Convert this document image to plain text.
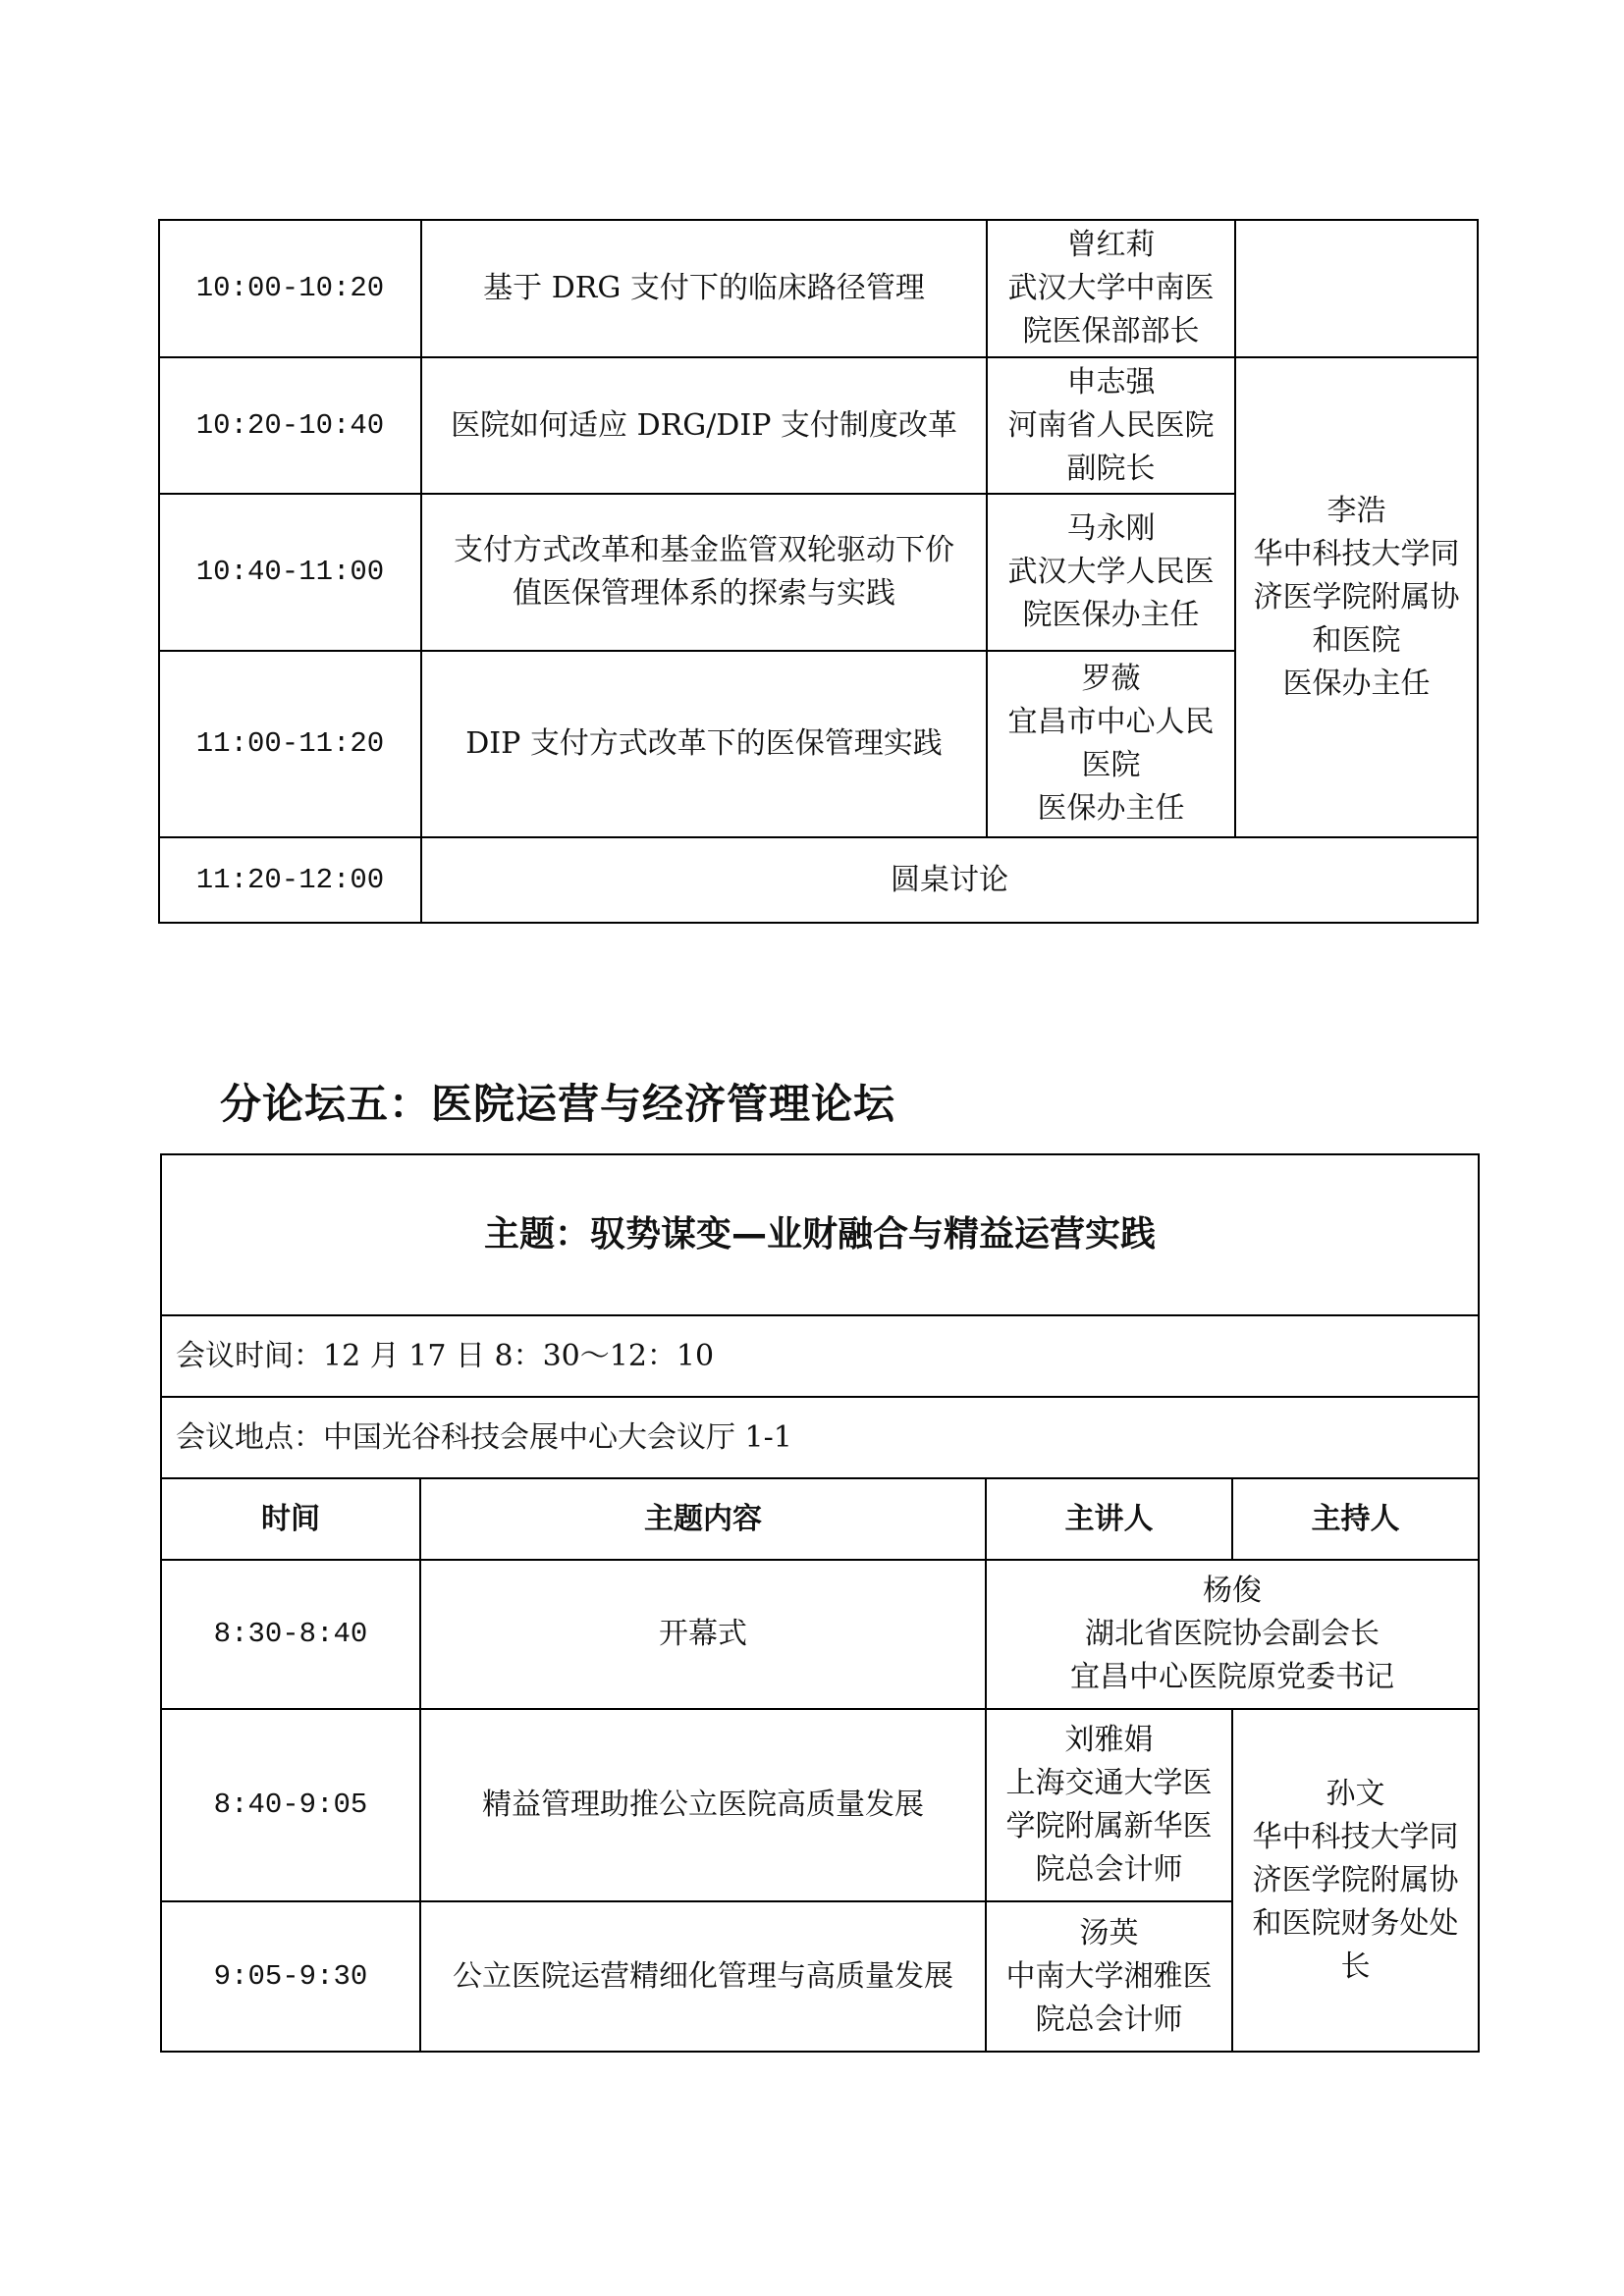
10:00-10:20	基于 DRG 支付下的临床路径管理	曾红莉
武汉大学中南医
院医保部部长	

10:20-10:40	医院如何适应 DRG/DIP 支付制度改革	申志强
河南省人民医院
副院长	李浩
华中科技大学同
济医学院附属协
和医院
医保办主任

10:40-11:00	支付方式改革和基金监管双轮驱动下价
值医保管理体系的探索与实践	马永刚
武汉大学人民医
院医保办主任	

11:00-11:20	DIP 支付方式改革下的医保管理实践	罗薇
宜昌市中心人民
医院
医保办主任	

11:20-12:00	圆桌讨论		
分论坛五：医院运营与经济管理论坛
主题：驭势谋变—业财融合与精益运营实践			
会议时间：12 月 17 日 8：30～12：10			
会议地点：中国光谷科技会展中心大会议厅 1-1			
时间	主题内容	主讲人	主持人
8:30-8:40	开幕式	杨俊
湖北省医院协会副会长
宜昌中心医院原党委书记	

8:40-9:05	精益管理助推公立医院高质量发展	刘雅娟
上海交通大学医
学院附属新华医
院总会计师	孙文
华中科技大学同
济医学院附属协
和医院财务处处
长

9:05-9:30	公立医院运营精细化管理与高质量发展	汤英
中南大学湘雅医
院总会计师	
